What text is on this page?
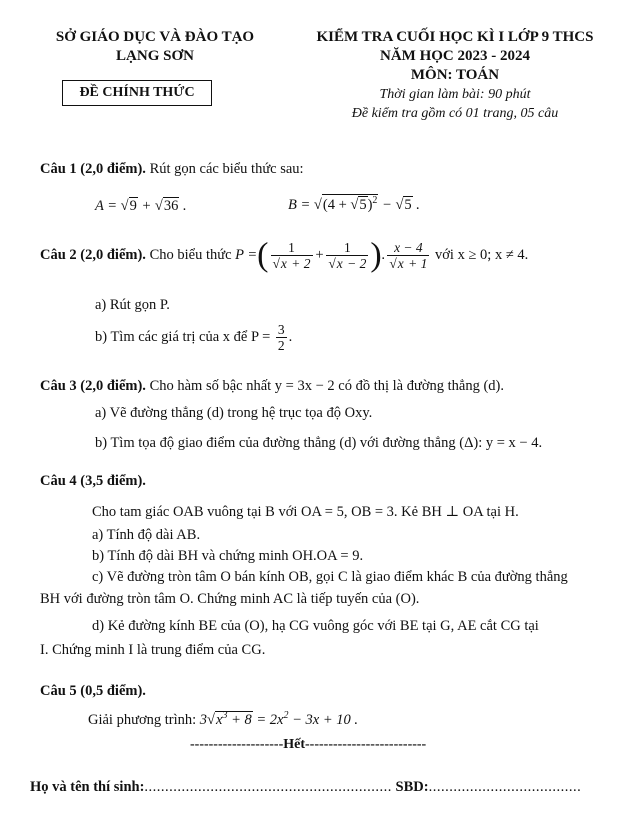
SỞ GIÁO DỤC VÀ ĐÀO TẠO
LẠNG SƠN
ĐỀ CHÍNH THỨC
KIỂM TRA CUỐI HỌC KÌ I LỚP 9 THCS
NĂM HỌC 2023 - 2024
MÔN: TOÁN
Thời gian làm bài: 90 phút
Đề kiểm tra gồm có 01 trang, 05 câu
Câu 1 (2,0 điểm). Rút gọn các biểu thức sau:
A = √9 + √36 .	$B = √(4 + √5)^2 - √5$ .
Câu 2 (2,0 điểm). Cho biểu thức P =( $\frac{1}{√x + 2} + \frac{1}{√x - 2}$ ). $\frac{x - 4}{√x + 1}$ với x ≥ 0; x ≠ 4.
a) Rút gọn P.
b) Tìm các giá trị của x để $P = \frac{3}{2}$ .
Câu 3 (2,0 điểm). Cho hàm số bậc nhất y = 3x − 2 có đồ thị là đường thẳng (d).
a) Vẽ đường thẳng (d) trong hệ trục tọa độ Oxy.
b) Tìm tọa độ giao điểm của đường thẳng (d) với đường thẳng (Δ): y = x − 4.
Câu 4 (3,5 điểm).
Cho tam giác OAB vuông tại B với OA = 5, OB = 3. Kẻ BH ⊥ OA tại H.
a) Tính độ dài AB.
b) Tính độ dài BH và chứng minh OH.OA = 9.
c) Vẽ đường tròn tâm O bán kính OB, gọi C là giao điểm khác B của đường thẳng
BH với đường tròn tâm O. Chứng minh AC là tiếp tuyến của (O).
d) Kẻ đường kính BE của (O), hạ CG vuông góc với BE tại G, AE cắt CG tại
I. Chứng minh I là trung điểm của CG.
Câu 5 (0,5 điểm).
Giải phương trình: $3√x^3 + 8 = 2x^2 - 3x + 10$ .
--------------------Hết--------------------------
Họ và tên thí sinh:............................................................ SBD:.....................................
